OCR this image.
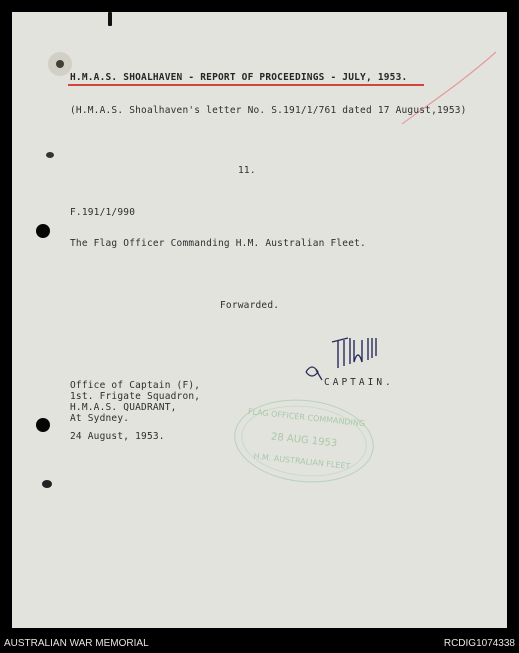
H.M.A.S. SHOALHAVEN - REPORT OF PROCEEDINGS - JULY, 1953.
(H.M.A.S. Shoalhaven's letter No. S.191/1/761 dated 17 August,1953)
11.
F.191/1/990
The Flag Officer Commanding H.M. Australian Fleet.
Forwarded.
CAPTAIN.
Office of Captain (F),
1st. Frigate Squadron,
H.M.A.S. QUADRANT,
At Sydney.
24 August, 1953.
FLAG OFFICER COMMANDING
28 AUG 1953
H.M. AUSTRALIAN FLEET
AUSTRALIAN WAR MEMORIAL	RCDIG1074338
